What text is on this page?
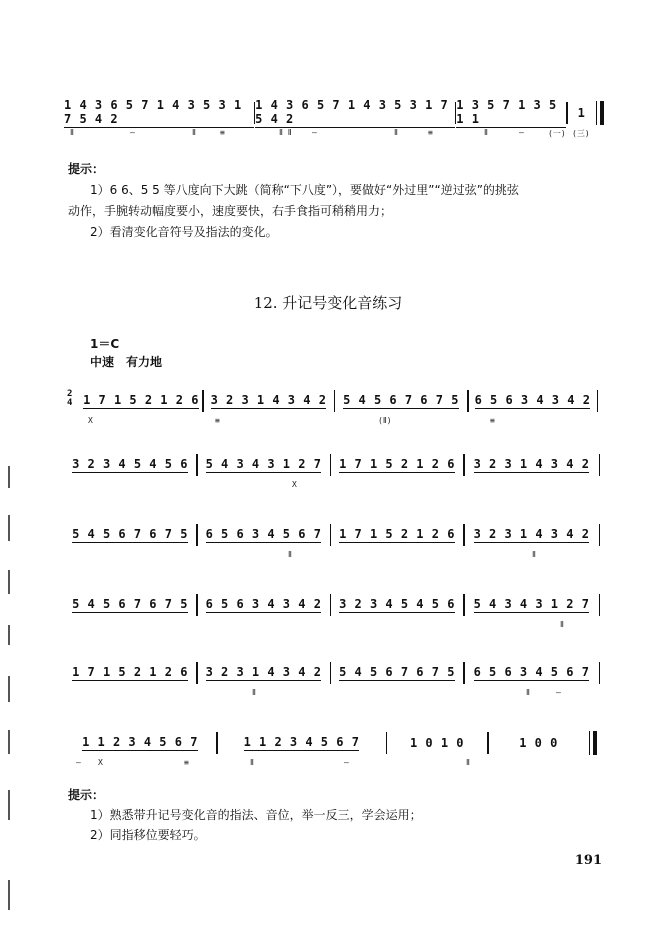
1 4 3 6 5 7 1 4 3 5 3 1 7 5 4 2
1 4 3 6 5 7 1 4 3 5 3 1 7 5 4 2
1 3 5 7 1 3 5 1 1	1
Ⅱ	—	Ⅱ	≡	Ⅱ Ⅱ	—	Ⅱ	≡	Ⅱ	—	(一) (三)
提示：
1）6 6、5 5 等八度向下大跳（简称“下八度”），要做好“外过里”“逆过弦”的挑弦
动作，手腕转动幅度要小，速度要快，右手食指可稍稍用力；
2）看清变化音符号及指法的变化。
12. 升记号变化音练习
1＝C
中速　有力地
2
4 1 7 1 5 2 1 2 6 3 2 3 1 4 3 4 2 5 4 5 6 7 6 7 5 6 5 6 3 4 3 4 2
X	≡	(Ⅱ)	≡
3 2 3 4 5 4 5 6 5 4 3 4 3 1 2 7 1 7 1 5 2 1 2 6 3 2 3 1 4 3 4 2
X
5 4 5 6 7 6 7 5 6 5 6 3 4 5 6 7 1 7 1 5 2 1 2 6 3 2 3 1 4 3 4 2
Ⅱ	Ⅱ
5 4 5 6 7 6 7 5 6 5 6 3 4 3 4 2 3 2 3 4 5 4 5 6 5 4 3 4 3 1 2 7
Ⅱ
1 7 1 5 2 1 2 6 3 2 3 1 4 3 4 2 5 4 5 6 7 6 7 5 6 5 6 3 4 5 6 7
Ⅱ	Ⅱ	—
1 1 2 3 4 5 6 7	1 1 2 3 4 5 6 7	1 0 1 0	1 0 0
— X	≡	Ⅱ	—	Ⅱ
提示：
1）熟悉带升记号变化音的指法、音位，举一反三，学会运用；
2）同指移位要轻巧。
191
